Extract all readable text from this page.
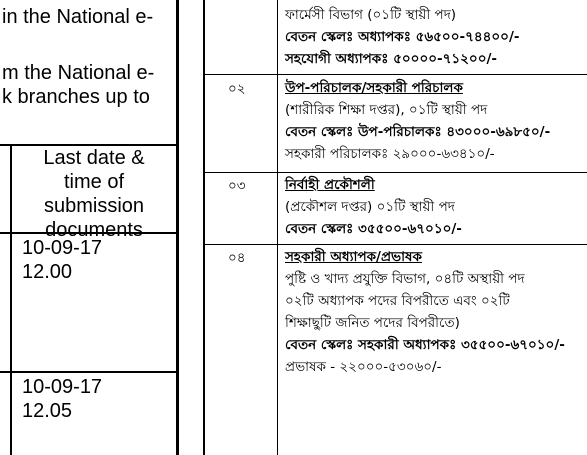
in the National e-
m the National e-
k branches up to
Last date &
time of
submission
documents
10-09-17
12.00
10-09-17
12.05
ফার্মেসী বিভাগ (০১টি স্থায়ী পদ)
বেতন স্কেলঃ অধ্যাপকঃ ৫৬৫০০-৭৪৪০০/-
সহযোগী অধ্যাপকঃ ৫০০০০-৭১২০০/-
০২	উপ-পরিচালক/সহকারী পরিচালক
(শারীরিক শিক্ষা দপ্তর), ০১টি স্থায়ী পদ
বেতন স্কেলঃ উপ-পরিচালকঃ ৪৩০০০-৬৯৮৫০/-
সহকারী পরিচালকঃ ২৯০০০-৬৩৪১০/-
০৩	নির্বাহী প্রকৌশলী
(প্রকৌশল দপ্তর) ০১টি স্থায়ী পদ
বেতন স্কেলঃ ৩৫৫০০-৬৭০১০/-
০৪	সহকারী অধ্যাপক/প্রভাষক
পুষ্টি ও খাদ্য প্রযুক্তি বিভাগ, ০৪টি অস্থায়ী পদ
০২টি অধ্যাপক পদের বিপরীতে এবং ০২টি
শিক্ষাছুটি জনিত পদের বিপরীতে)
বেতন স্কেলঃ সহকারী অধ্যাপকঃ ৩৫৫০০-৬৭০১০/-
প্রভাষক - ২২০০০-৫৩০৬০/-
